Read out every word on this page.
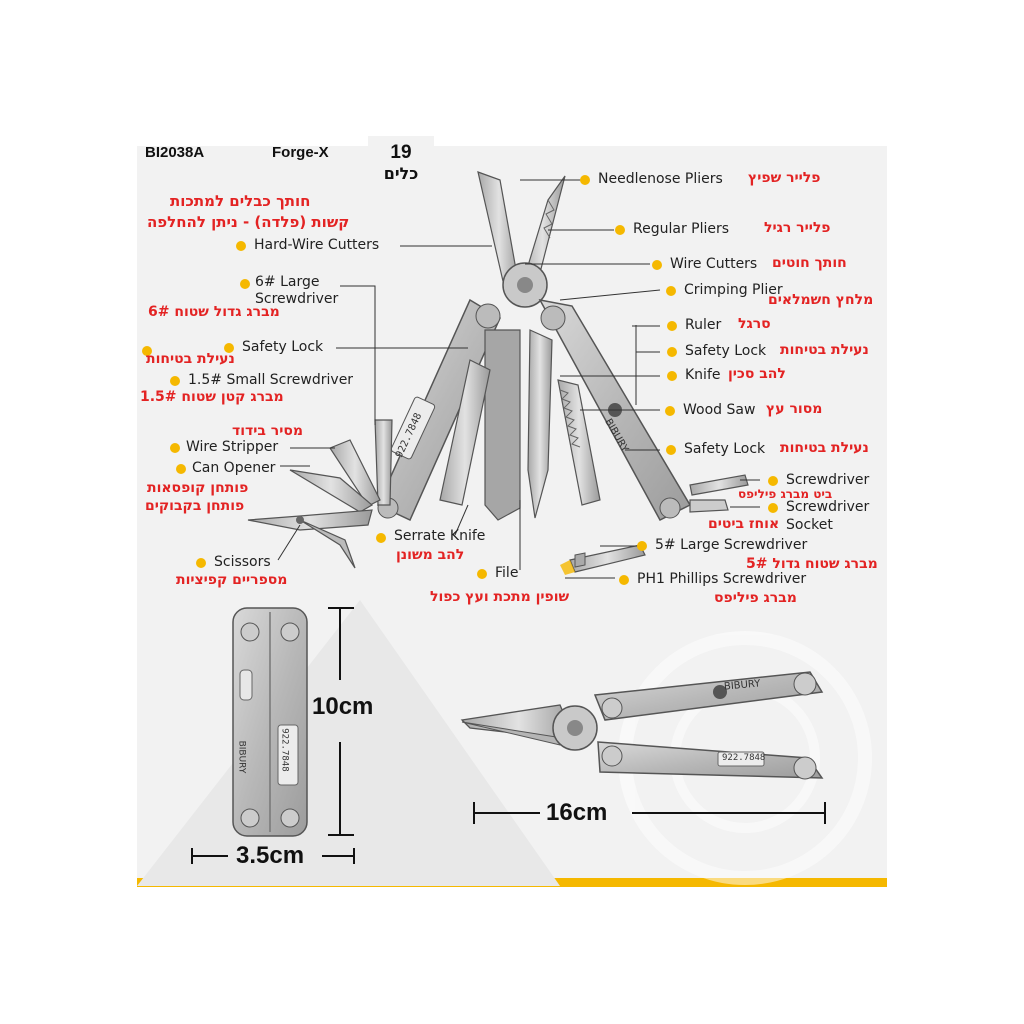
BI2038A	Forge-X	19
כלים
922.7848	BIBURY
922.7848
BIBURY
BIBURY
922.7848
10cm
3.5cm
16cm
Needlenose Pliers פלייר שפיץ
Regular Pliers פלייר רגיל
חותך כבלים למתכות
קשות (פלדה) - ניתן להחלפה
Hard-Wire Cutters
Wire Cutters חותך חוטים
6# Large
Screwdriver
מברג גדול שטוח 6#
Crimping Plier
מלחץ חשמלאים
Ruler סרגל
Safety Lock
נעילת בטיחות	Safety Lock נעילת בטיחות
Knife להב סכין
1.5# Small Screwdriver
מברג קטן שטוח 1.5#
Wood Saw מסור עץ
מסיר בידוד
Wire Stripper	Safety Lock נעילת בטיחות
Can Opener
פותחן קופסאות
פותחן בקבוקים
Screwdriver
ביט מברג פיליפס
Screwdriver
אוחז ביטים Socket
Serrate Knife
להב משונן
5# Large Screwdriver
מברג שטוח גדול 5#
Scissors
מספריים קפיציות	File
שופין מתכת ועץ כפול
PH1 Phillips Screwdriver
מברג פיליפס
